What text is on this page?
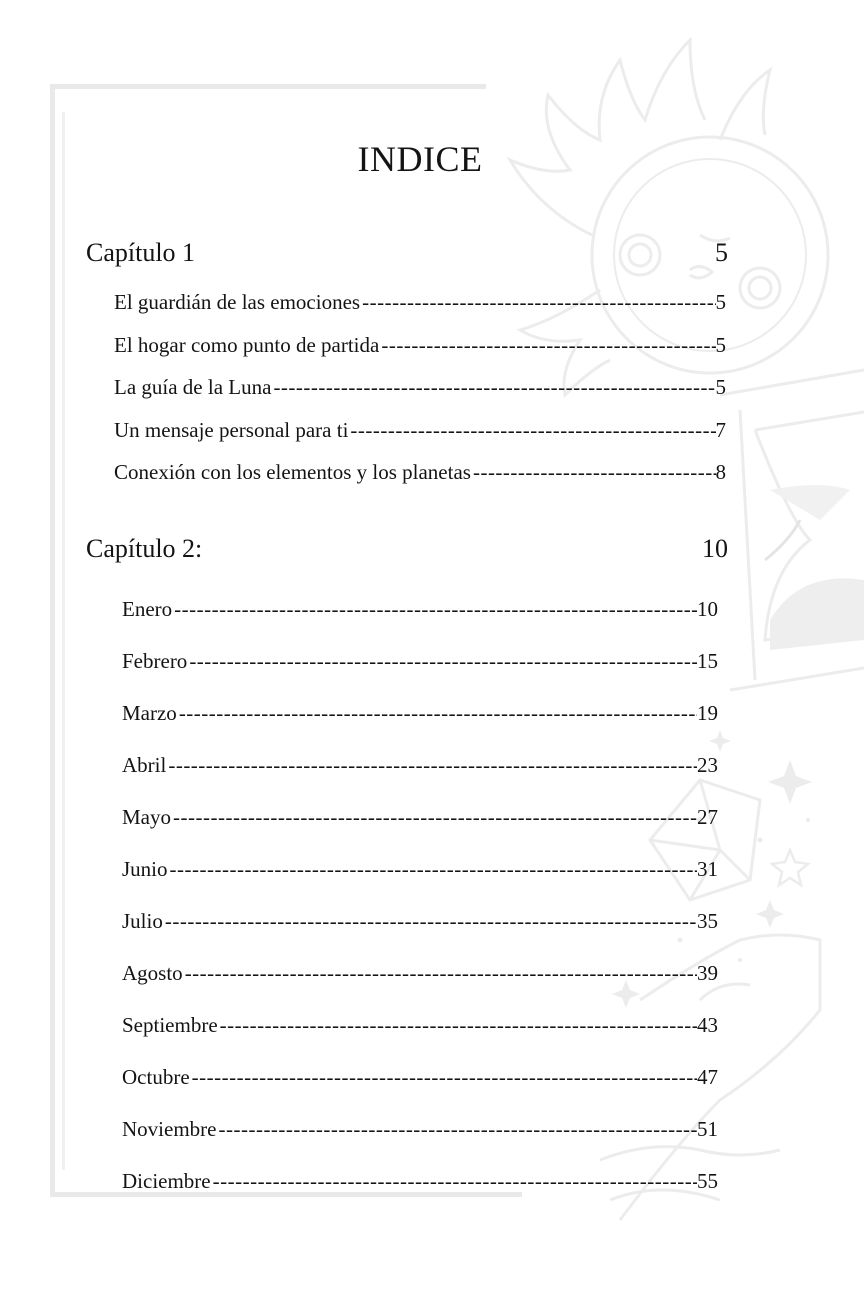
INDICE
Capítulo 1	5
El guardián de las emociones -----	5
El hogar como punto de partida -----	5
La guía de la Luna -----	5
Un mensaje personal para ti -----	7
Conexión con los elementos y los planetas -----	8
Capítulo 2:	10
Enero -----	10
Febrero -----	15
Marzo -----	19
Abril -----	23
Mayo -----	27
Junio -----	31
Julio -----	35
Agosto -----	39
Septiembre -----	43
Octubre -----	47
Noviembre -----	51
Diciembre -----	55
